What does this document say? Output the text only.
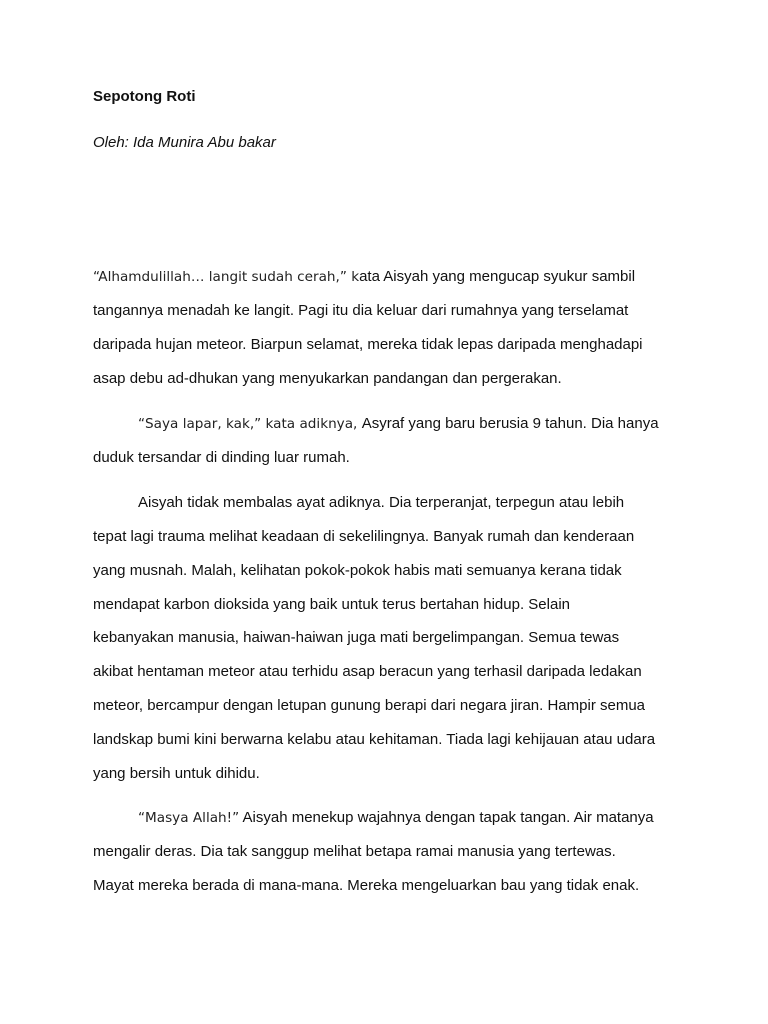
Sepotong Roti

Oleh: Ida Munira Abu bakar

“Alhamdulillah… langit sudah cerah,” kata Aisyah yang mengucap syukur sambil

tangannya menadah ke langit. Pagi itu dia keluar dari rumahnya yang terselamat

daripada hujan meteor. Biarpun selamat, mereka tidak lepas daripada menghadapi

asap debu ad-dhukan yang menyukarkan pandangan dan pergerakan.

“Saya lapar, kak,” kata adiknya, Asyraf yang baru berusia 9 tahun. Dia hanya

duduk tersandar di dinding luar rumah.

Aisyah tidak membalas ayat adiknya. Dia terperanjat, terpegun atau lebih

tepat lagi trauma melihat keadaan di sekelilingnya. Banyak rumah dan kenderaan

yang musnah. Malah, kelihatan pokok-pokok habis mati semuanya kerana tidak

mendapat karbon dioksida yang baik untuk terus bertahan hidup. Selain

kebanyakan manusia, haiwan-haiwan juga mati bergelimpangan. Semua tewas

akibat hentaman meteor atau terhidu asap beracun yang terhasil daripada ledakan

meteor, bercampur dengan letupan gunung berapi dari negara jiran. Hampir semua

landskap bumi kini berwarna kelabu atau kehitaman. Tiada lagi kehijauan atau udara

yang bersih untuk dihidu.

“Masya Allah!” Aisyah menekup wajahnya dengan tapak tangan. Air matanya

mengalir deras. Dia tak sanggup melihat betapa ramai manusia yang tertewas.

Mayat mereka berada di mana-mana. Mereka mengeluarkan bau yang tidak enak.
